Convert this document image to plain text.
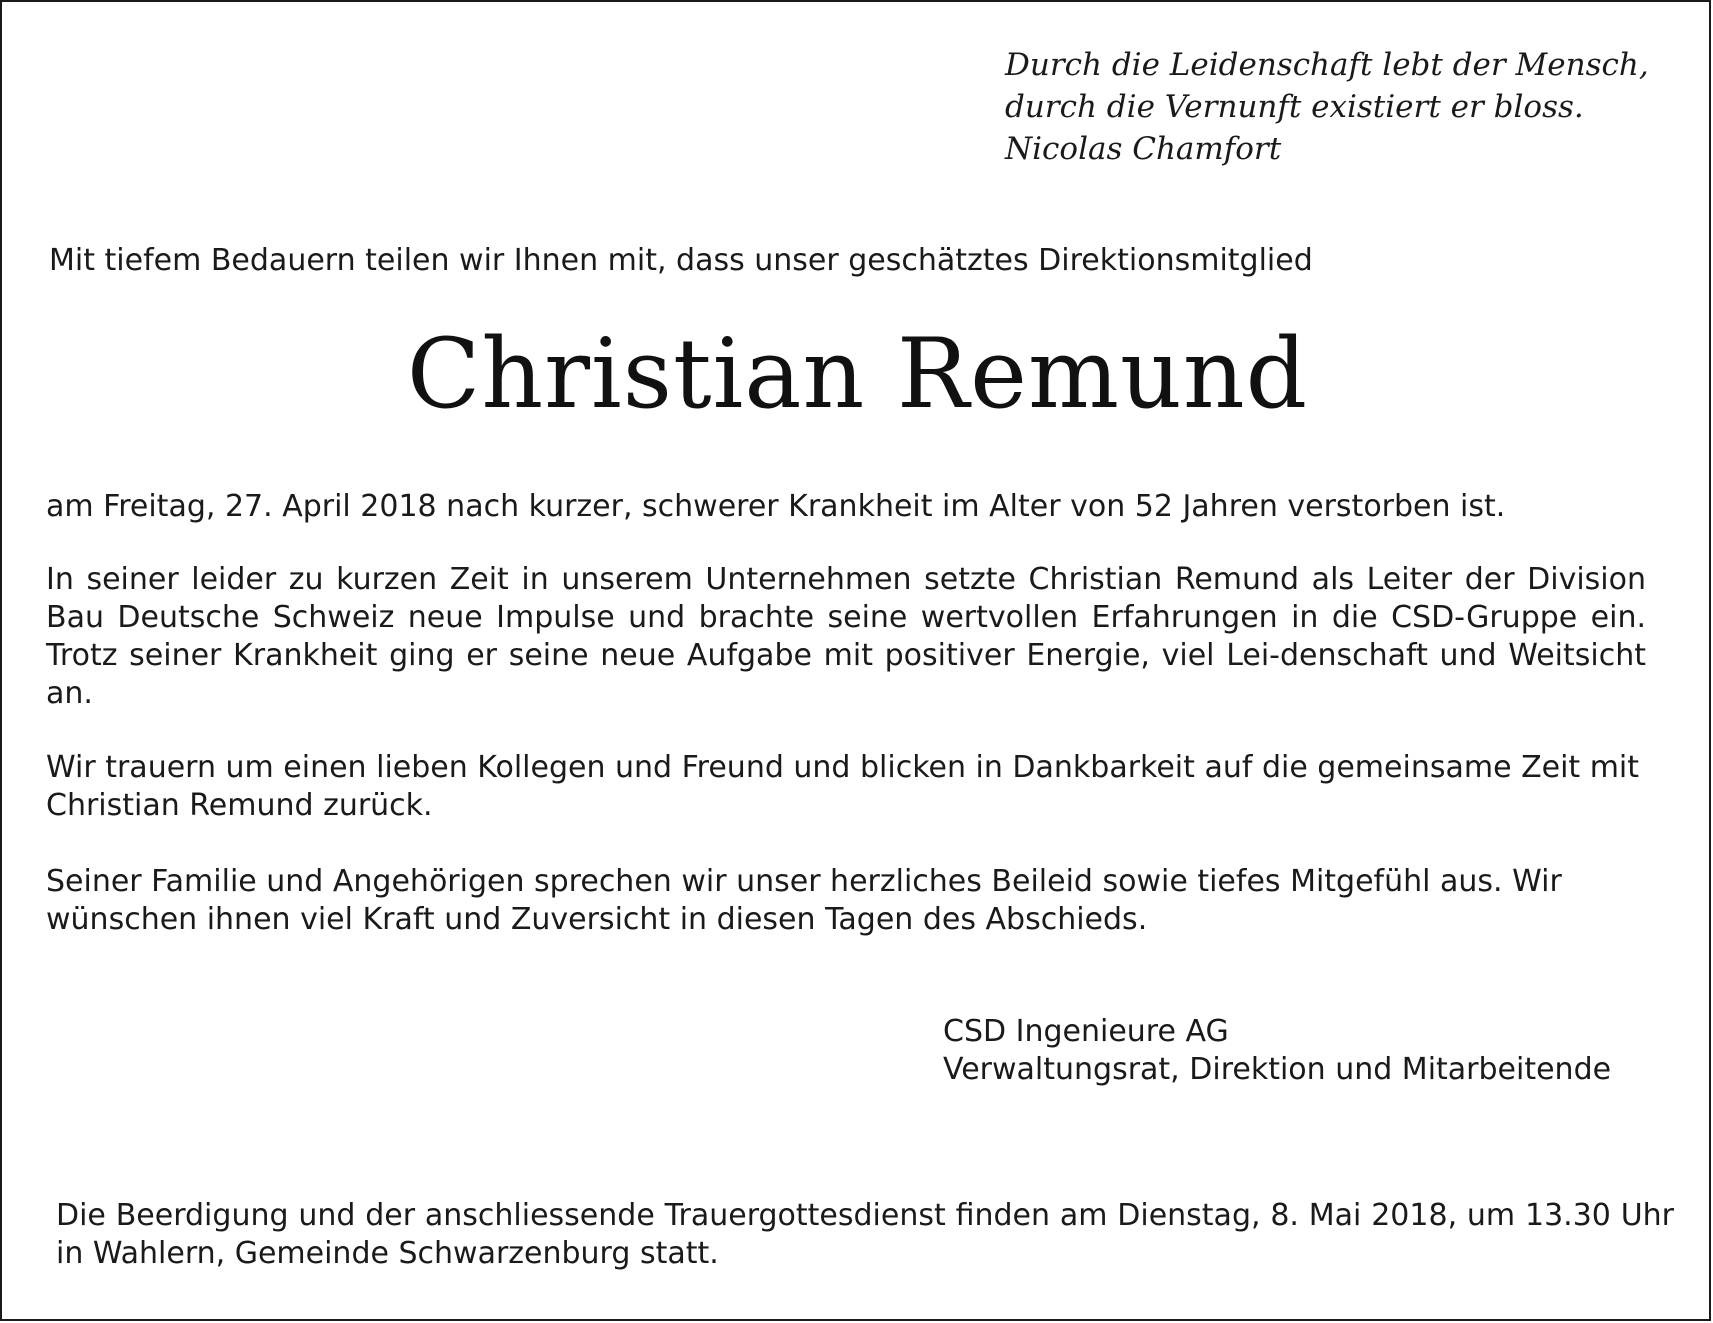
Durch die Leidenschaft lebt der Mensch,
durch die Vernunft existiert er bloss.
Nicolas Chamfort
Mit tiefem Bedauern teilen wir Ihnen mit, dass unser geschätztes Direktionsmitglied
Christian Remund
am Freitag, 27. April 2018 nach kurzer, schwerer Krankheit im Alter von 52 Jahren verstorben ist.
In seiner leider zu kurzen Zeit in unserem Unternehmen setzte Christian Remund als Leiter der Division Bau Deutsche Schweiz neue Impulse und brachte seine wertvollen Erfahrungen in die CSD-Gruppe ein. Trotz seiner Krankheit ging er seine neue Aufgabe mit positiver Energie, viel Lei-denschaft und Weitsicht an.
Wir trauern um einen lieben Kollegen und Freund und blicken in Dankbarkeit auf die gemeinsame Zeit mit Christian Remund zurück.
Seiner Familie und Angehörigen sprechen wir unser herzliches Beileid sowie tiefes Mitgefühl aus. Wir wünschen ihnen viel Kraft und Zuversicht in diesen Tagen des Abschieds.
CSD Ingenieure AG
Verwaltungsrat, Direktion und Mitarbeitende
Die Beerdigung und der anschliessende Trauergottesdienst finden am Dienstag, 8. Mai 2018, um 13.30 Uhr in Wahlern, Gemeinde Schwarzenburg statt.
